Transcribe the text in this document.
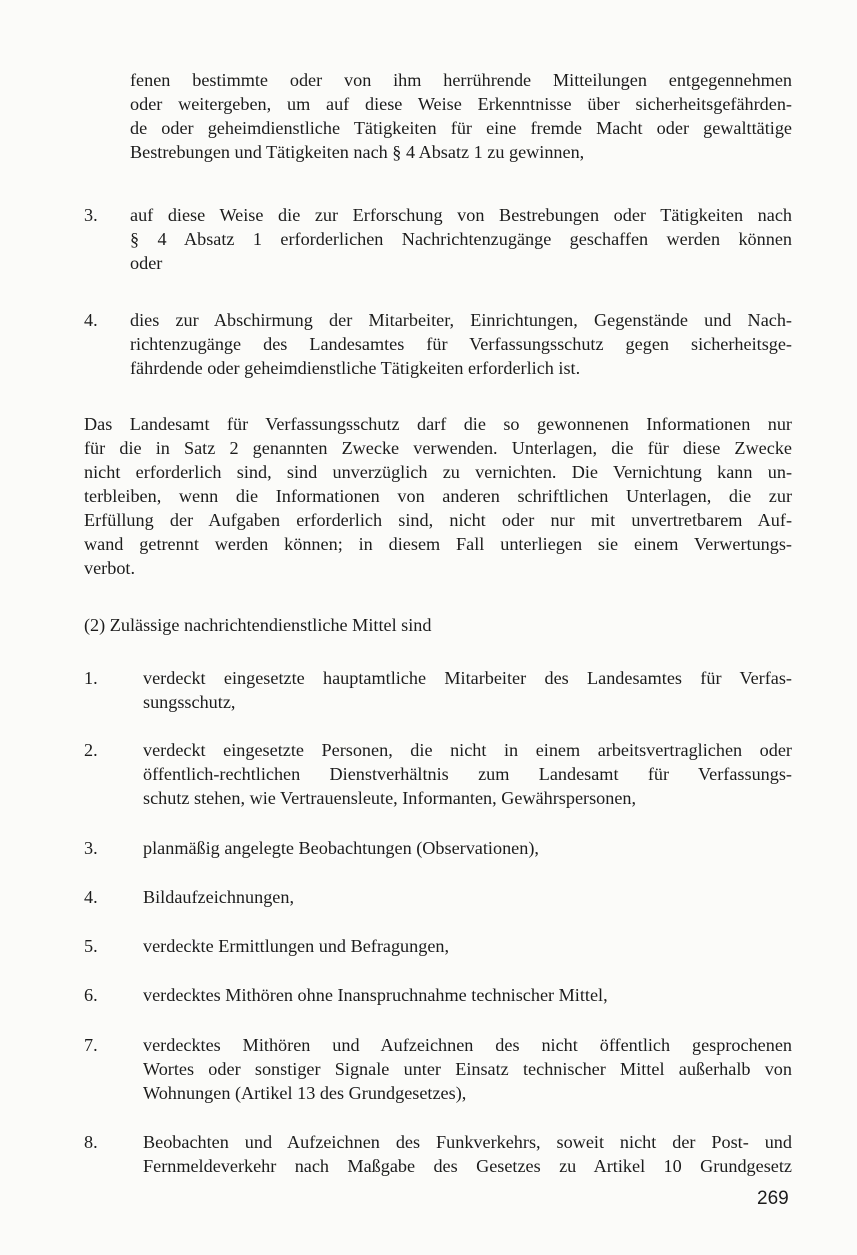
fenen bestimmte oder von ihm herrührende Mitteilungen entgegennehmen
oder weitergeben, um auf diese Weise Erkenntnisse über sicherheitsgefährden-
de oder geheimdienstliche Tätigkeiten für eine fremde Macht oder gewalttätige
Bestrebungen und Tätigkeiten nach § 4 Absatz 1 zu gewinnen,
3. auf diese Weise die zur Erforschung von Bestrebungen oder Tätigkeiten nach
§ 4 Absatz 1 erforderlichen Nachrichtenzugänge geschaffen werden können
oder
4. dies zur Abschirmung der Mitarbeiter, Einrichtungen, Gegenstände und Nach-
richtenzugänge des Landesamtes für Verfassungsschutz gegen sicherheitsge-
fährdende oder geheimdienstliche Tätigkeiten erforderlich ist.
Das Landesamt für Verfassungsschutz darf die so gewonnenen Informationen nur
für die in Satz 2 genannten Zwecke verwenden. Unterlagen, die für diese Zwecke
nicht erforderlich sind, sind unverzüglich zu vernichten. Die Vernichtung kann un-
terbleiben, wenn die Informationen von anderen schriftlichen Unterlagen, die zur
Erfüllung der Aufgaben erforderlich sind, nicht oder nur mit unvertretbarem Auf-
wand getrennt werden können; in diesem Fall unterliegen sie einem Verwertungs-
verbot.
(2) Zulässige nachrichtendienstliche Mittel sind
1. verdeckt eingesetzte hauptamtliche Mitarbeiter des Landesamtes für Verfas-
sungsschutz,
2. verdeckt eingesetzte Personen, die nicht in einem arbeitsvertraglichen oder
öffentlich-rechtlichen Dienstverhältnis zum Landesamt für Verfassungs-
schutz stehen, wie Vertrauensleute, Informanten, Gewährspersonen,
3. planmäßig angelegte Beobachtungen (Observationen),
4. Bildaufzeichnungen,
5. verdeckte Ermittlungen und Befragungen,
6. verdecktes Mithören ohne Inanspruchnahme technischer Mittel,
7. verdecktes Mithören und Aufzeichnen des nicht öffentlich gesprochenen
Wortes oder sonstiger Signale unter Einsatz technischer Mittel außerhalb von
Wohnungen (Artikel 13 des Grundgesetzes),
8. Beobachten und Aufzeichnen des Funkverkehrs, soweit nicht der Post- und
Fernmeldeverkehr nach Maßgabe des Gesetzes zu Artikel 10 Grundgesetz
269
